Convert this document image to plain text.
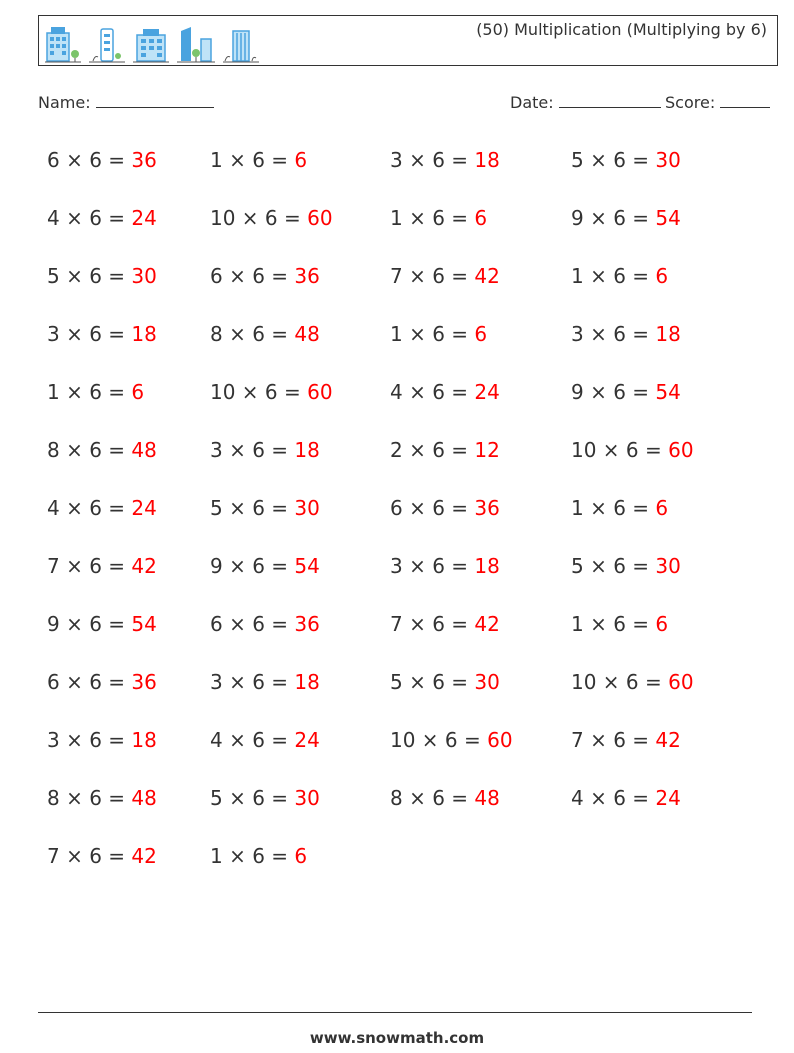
(50) Multiplication (Multiplying by 6)
Name:	Date:	Score:
6 × 6 = 36	1 × 6 = 6	3 × 6 = 18	5 × 6 = 30
4 × 6 = 24	10 × 6 = 60	1 × 6 = 6	9 × 6 = 54
5 × 6 = 30	6 × 6 = 36	7 × 6 = 42	1 × 6 = 6
3 × 6 = 18	8 × 6 = 48	1 × 6 = 6	3 × 6 = 18
1 × 6 = 6	10 × 6 = 60	4 × 6 = 24	9 × 6 = 54
8 × 6 = 48	3 × 6 = 18	2 × 6 = 12	10 × 6 = 60
4 × 6 = 24	5 × 6 = 30	6 × 6 = 36	1 × 6 = 6
7 × 6 = 42	9 × 6 = 54	3 × 6 = 18	5 × 6 = 30
9 × 6 = 54	6 × 6 = 36	7 × 6 = 42	1 × 6 = 6
6 × 6 = 36	3 × 6 = 18	5 × 6 = 30	10 × 6 = 60
3 × 6 = 18	4 × 6 = 24	10 × 6 = 60	7 × 6 = 42
8 × 6 = 48	5 × 6 = 30	8 × 6 = 48	4 × 6 = 24
7 × 6 = 42	1 × 6 = 6
www.snowmath.com
